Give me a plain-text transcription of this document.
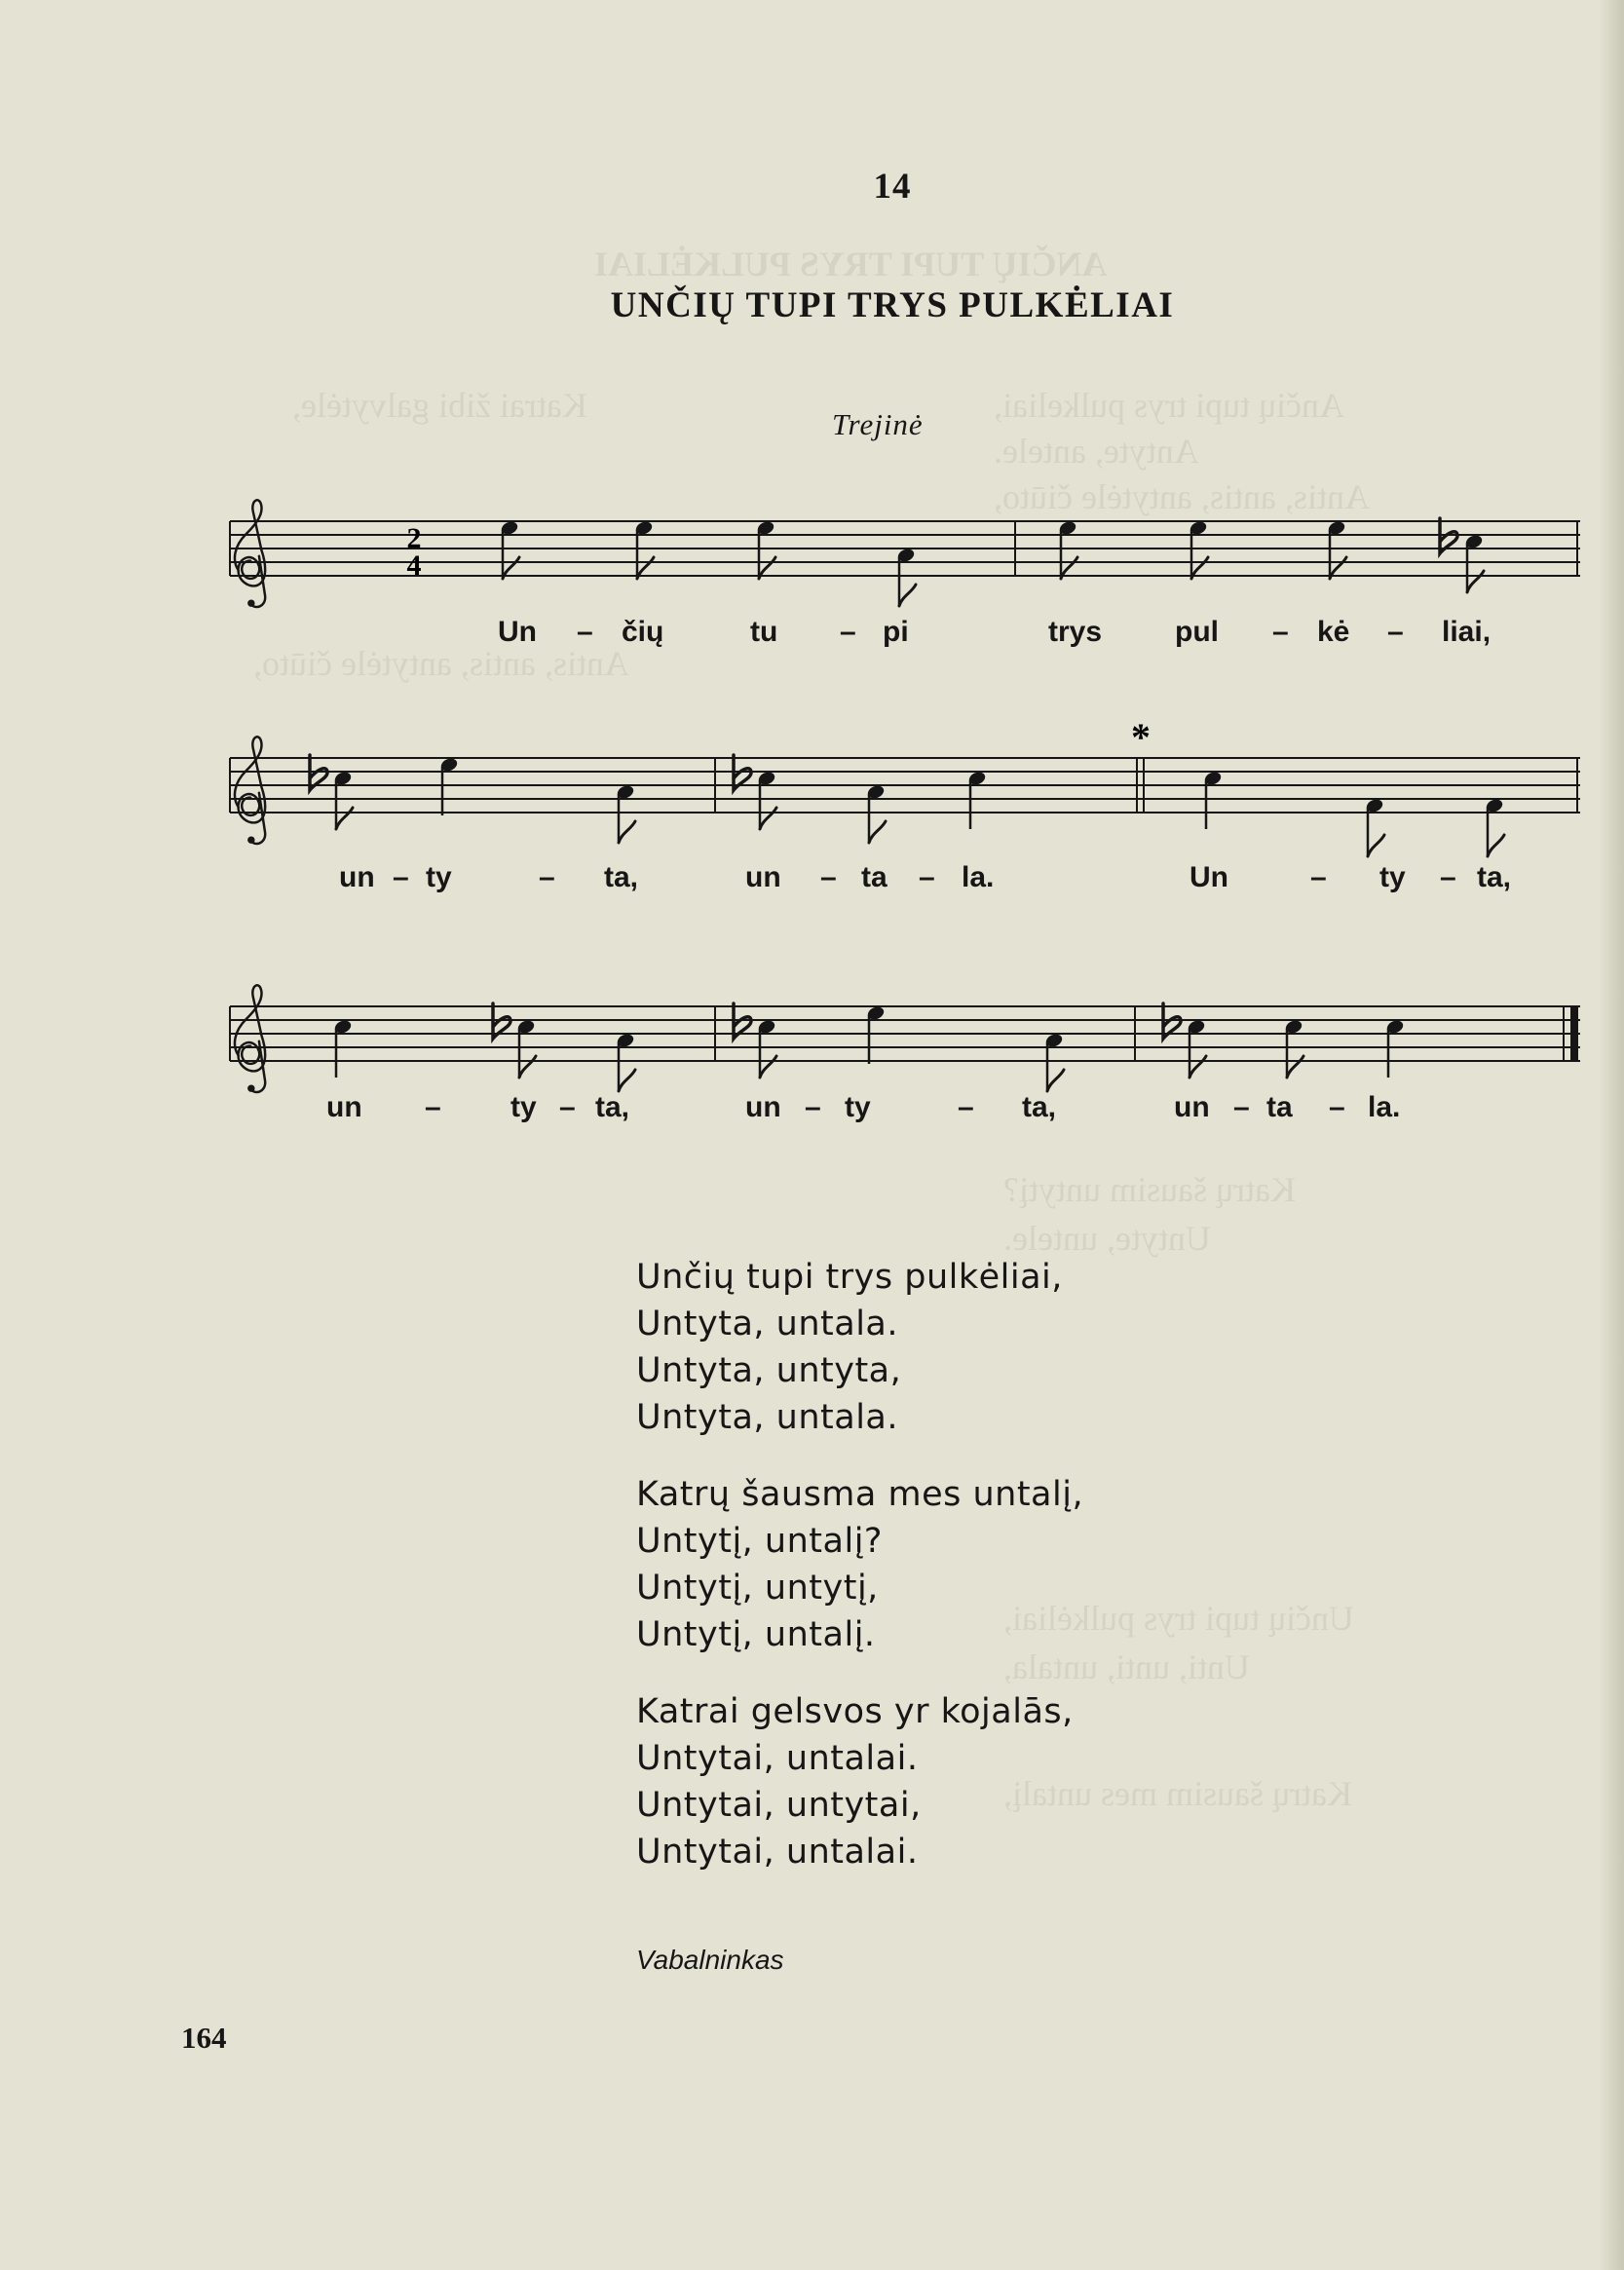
ANČIŲ TUPI TRYS PULKĖLIAI
Ančių tupi trys pulkeliai,
Katrai žibi galvytėle,
Antyte, antele.
Antis, antis, antytėle čiūto,
Antis, antis, antytėle čiūto,
Katrų šausim untytį?
Untyte, untele.
Unčių tupi trys pulkėliai,
Unti, unti, untala,
Katrų šausim mes untalį,
14
UNČIŲ TUPI TRYS PULKĖLIAI
Trejinė
2
4
*
Un – čių	tu – pi	trys pul – kė – liai,
un – ty	– ta,	un – ta – la.	Un	– ty – ta,
un – ty – ta,	un – ty	– ta,	un – ta – la.
Unčių tupi trys pulkėliai,
Untyta, untala.
Untyta, untyta,
Untyta, untala.
Katrų šausma mes untalį,
Untytį, untalį?
Untytį, untytį,
Untytį, untalį.
Katrai gelsvos yr kojalās,
Untytai, untalai.
Untytai, untytai,
Untytai, untalai.
Vabalninkas
164
